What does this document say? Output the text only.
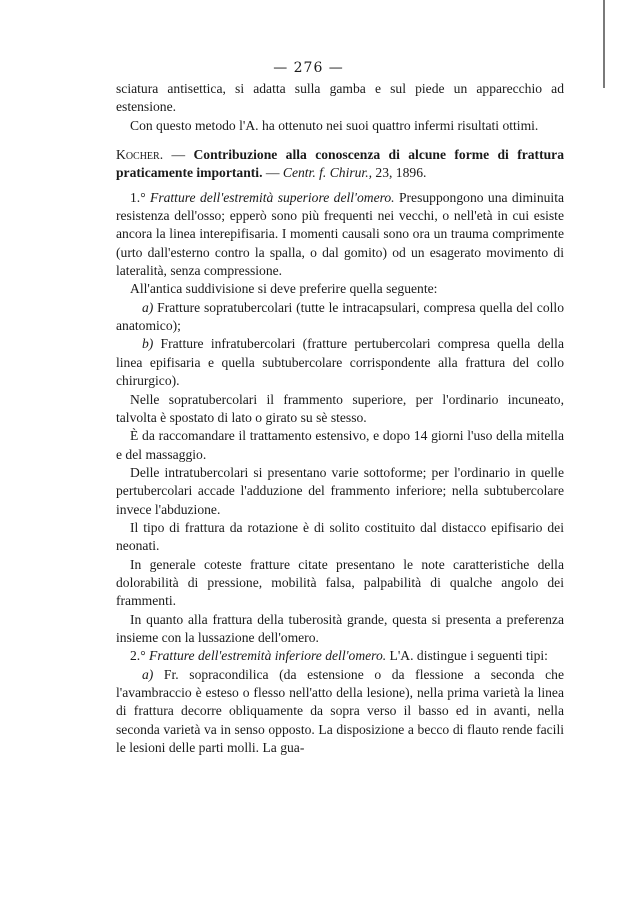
— 276 —

sciatura antisettica, si adatta sulla gamba e sul piede un apparecchio ad estensione.

Con questo metodo l'A. ha ottenuto nei suoi quattro infermi risultati ottimi.

Kocher. — Contribuzione alla conoscenza di alcune forme di frattura praticamente importanti. — Centr. f. Chirur., 23, 1896.

1.° Fratture dell'estremità superiore dell'omero. Presuppongono una diminuita resistenza dell'osso; epperò sono più frequenti nei vecchi, o nell'età in cui esiste ancora la linea interepifisaria. I momenti causali sono ora un trauma comprimente (urto dall'esterno contro la spalla, o dal gomito) od un esagerato movimento di lateralità, senza compressione.

All'antica suddivisione si deve preferire quella seguente:

a) Fratture sopratubercolari (tutte le intracapsulari, compresa quella del collo anatomico);

b) Fratture infratubercolari (fratture pertubercolari compresa quella della linea epifisaria e quella subtubercolare corrispondente alla frattura del collo chirurgico).

Nelle sopratubercolari il frammento superiore, per l'ordinario incuneato, talvolta è spostato di lato o girato su sè stesso.

È da raccomandare il trattamento estensivo, e dopo 14 giorni l'uso della mitella e del massaggio.

Delle intratubercolari si presentano varie sottoforme; per l'ordinario in quelle pertubercolari accade l'adduzione del frammento inferiore; nella subtubercolare invece l'abduzione.

Il tipo di frattura da rotazione è di solito costituito dal distacco epifisario dei neonati.

In generale coteste fratture citate presentano le note caratteristiche della dolorabilità di pressione, mobilità falsa, palpabilità di qualche angolo dei frammenti.

In quanto alla frattura della tuberosità grande, questa si presenta a preferenza insieme con la lussazione dell'omero.

2.° Fratture dell'estremità inferiore dell'omero. L'A. distingue i seguenti tipi:

a) Fr. sopracondilica (da estensione o da flessione a seconda che l'avambraccio è esteso o flesso nell'atto della lesione), nella prima varietà la linea di frattura decorre obliquamente da sopra verso il basso ed in avanti, nella seconda varietà va in senso opposto. La disposizione a becco di flauto rende facili le lesioni delle parti molli. La gua-
